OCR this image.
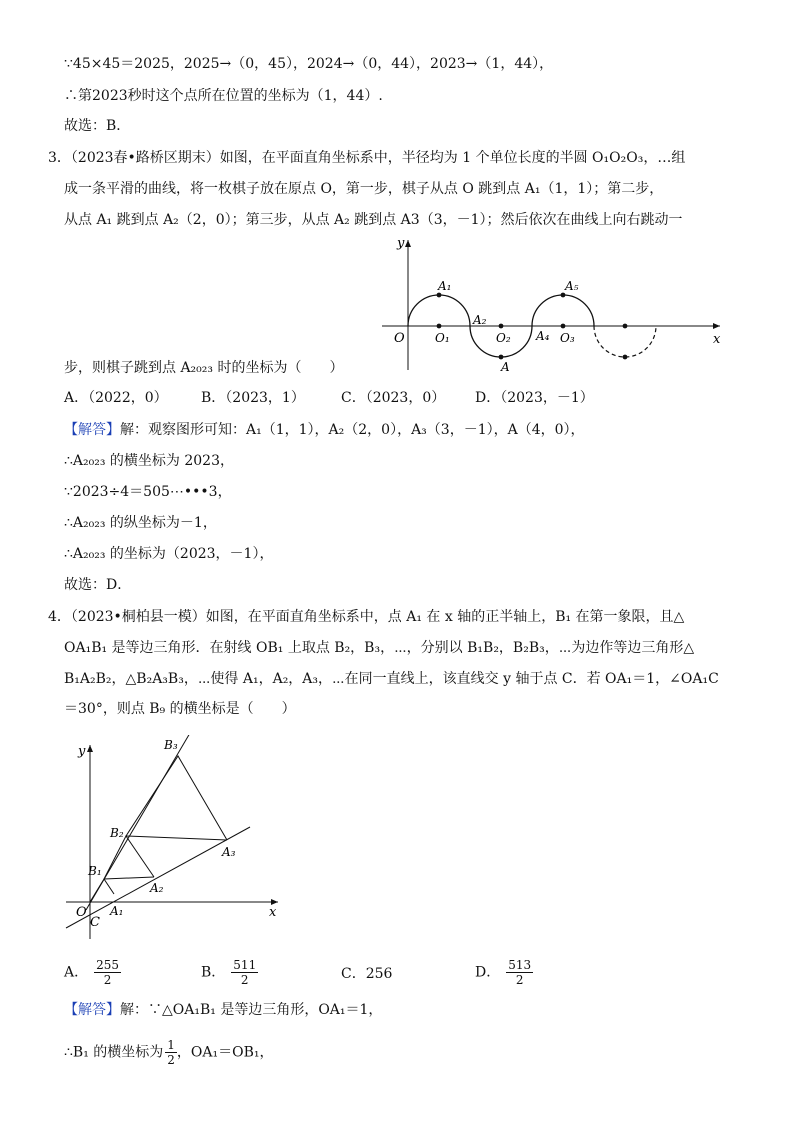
∵45×45＝2025，2025→（0，45），2024→（0，44），2023→（1，44），
∴第2023秒时这个点所在位置的坐标为（1，44）.
故选：B．
3．（2023春•路桥区期末）如图，在平面直角坐标系中，半径均为 1 个单位长度的半圆 O₁O₂O₃，…组
成一条平滑的曲线，将一枚棋子放在原点 O，第一步，棋子从点 O 跳到点 A₁（1，1）；第二步，
从点 A₁ 跳到点 A₂（2，0）；第三步，从点 A₂ 跳到点 A3（3，－1）；然后依次在曲线上向右跳动一
y
x
O
A₁
O₁
A₂
O₂
A
A₄ O₃
A₅
步，则棋子跳到点 A₂₀₂₃ 时的坐标为（　　）
A．（2022，0） B．（2023，1）	C．（2023，0） D．（2023，－1）
【解答】解：观察图形可知：A₁（1，1），A₂（2，0），A₃（3，－1），A（4，0），
∴A₂₀₂₃ 的横坐标为 2023，
∵2023÷4＝505⋯•••3，
∴A₂₀₂₃ 的纵坐标为－1，
∴A₂₀₂₃ 的坐标为（2023，－1），
故选：D．
4．（2023•桐柏县一模）如图，在平面直角坐标系中，点 A₁ 在 x 轴的正半轴上，B₁ 在第一象限，且△
OA₁B₁ 是等边三角形．在射线 OB₁ 上取点 B₂，B₃，⋯，分别以 B₁B₂，B₂B₃，⋯为边作等边三角形△
B₁A₂B₂，△B₂A₃B₃，⋯使得 A₁，A₂，A₃，⋯在同一直线上，该直线交 y 轴于点 C．若 OA₁＝1，∠OA₁C
＝30°，则点 B₉ 的横坐标是（　　）
y
x
O
C
B₁
B₂
B₃
A₁
A₂
A₃
A． $\frac{255}{2}$	B． $\frac{511}{2}$	C．256	D． $\frac{513}{2}$
【解答】解：∵△OA₁B₁ 是等边三角形，OA₁＝1，
∴B₁ 的横坐标为 $\frac{1}{2}$ ，OA₁＝OB₁，
